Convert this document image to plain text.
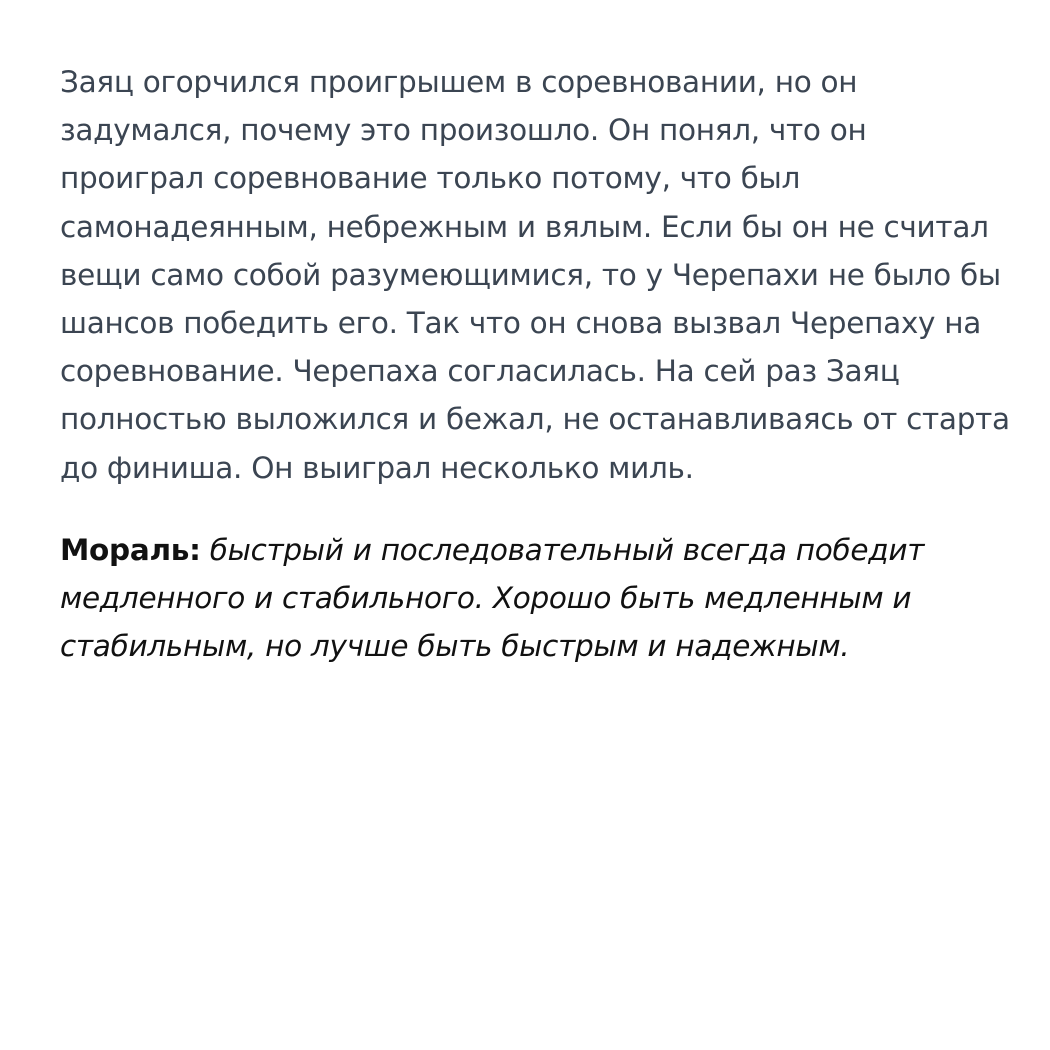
Заяц огорчился проигрышем в соревновании, но он задумался, почему это произошло. Он понял, что он проиграл соревнование только потому, что был самонадеянным, небрежным и вялым. Если бы он не считал вещи само собой разумеющимися, то у Черепахи не было бы шансов победить его. Так что он снова вызвал Черепаху на соревнование. Черепаха согласилась. На сей раз Заяц полностью выложился и бежал, не останавливаясь от старта до финиша. Он выиграл несколько миль.

Мораль: быстрый и последовательный всегда победит медленного и стабильного. Хорошо быть медленным и стабильным, но лучше быть быстрым и надежным.
